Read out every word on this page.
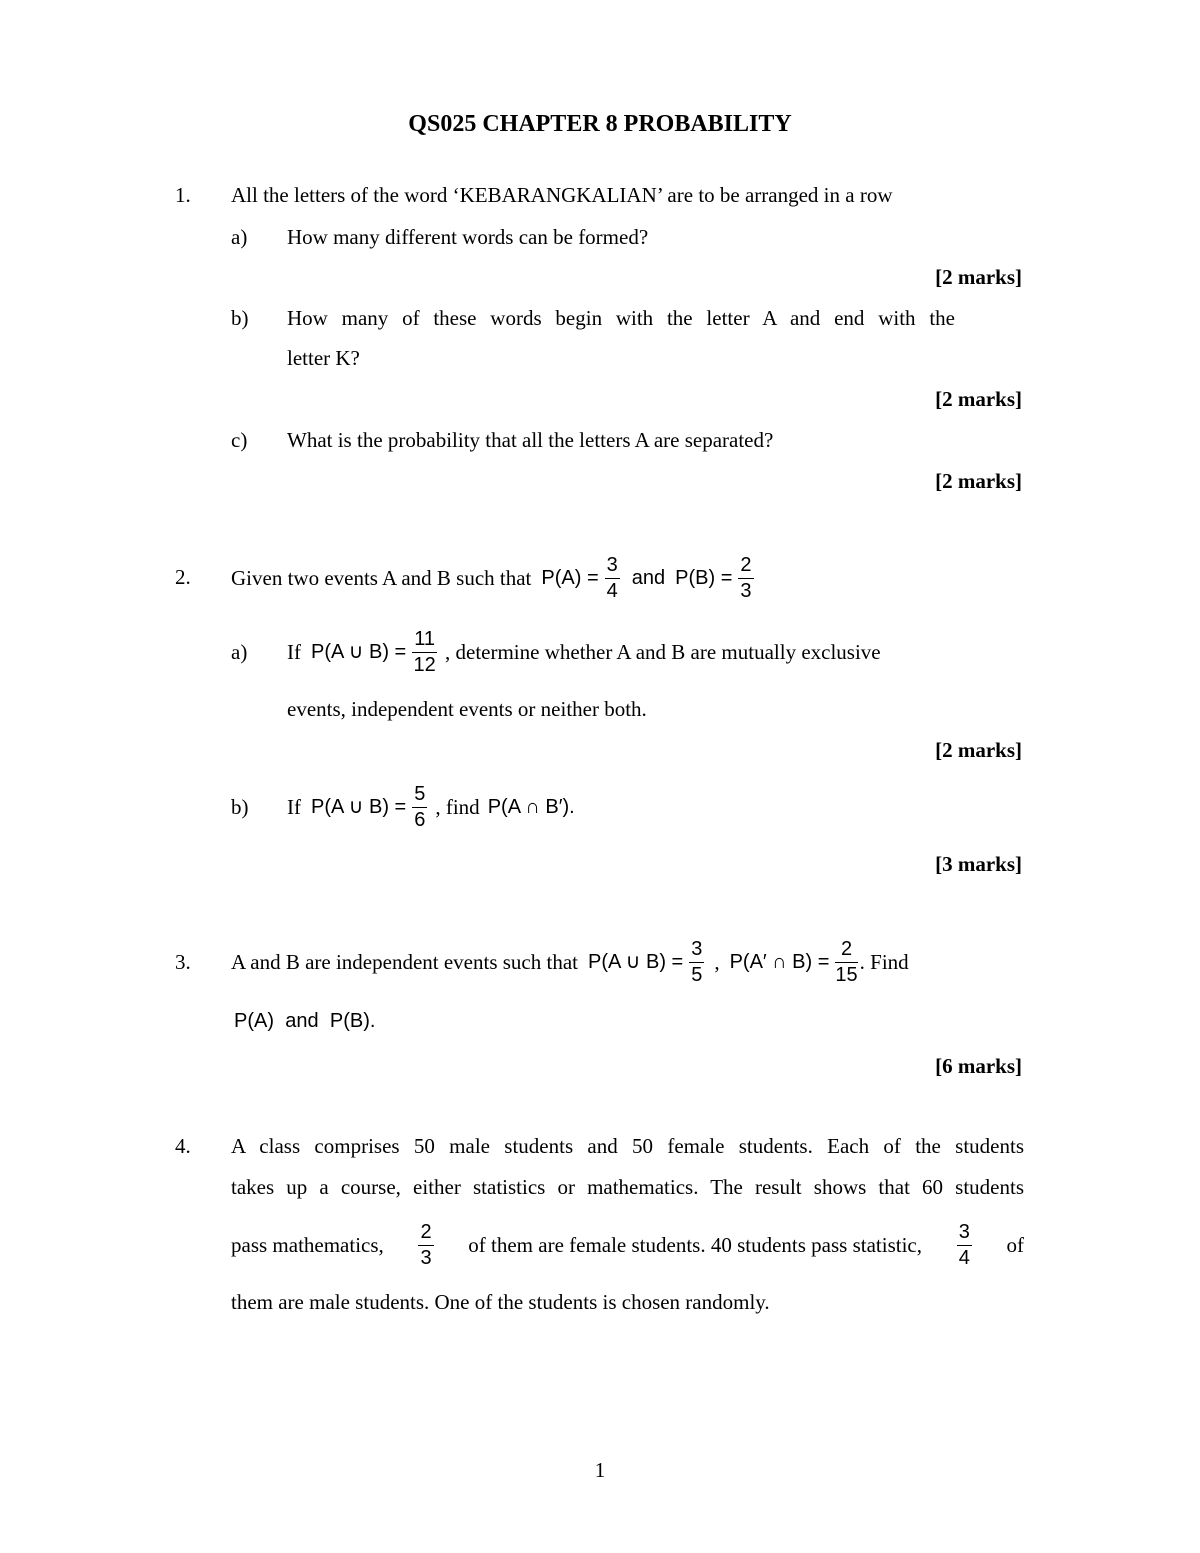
QS025 CHAPTER 8 PROBABILITY
1. All the letters of the word ‘KEBARANGKALIAN’ are to be arranged in a row
a) How many different words can be formed?
[2 marks]
b) How many of these words begin with the letter A and end with the
letter K?
[2 marks]
c) What is the probability that all the letters A are separated?
[2 marks]
2. Given two events A and B such that $P(A) = \frac{3}{4}$ and $P(B) = \frac{2}{3}$
a) If P(A ∪ $B) = \frac{11}{12}$ , determine whether A and B are mutually exclusive
events, independent events or neither both.
[2 marks]
b) If P(A ∪ $B) = \frac{5}{6}$ , find P(A ∩ B′).
[3 marks]
3. A and B are independent events such that P(A ∪ $B) = \frac{3}{5}$ , P(A′ ∩ $B) = \frac{2}{15}$ . Find
P(A) and P(B).
[6 marks]
4. A class comprises 50 male students and 50 female students. Each of the students
takes up a course, either statistics or mathematics. The result shows that 60 students
pass mathematics, $\frac{2}{3}$ of them are female students. 40 students pass statistic, $\frac{3}{4}$ of
them are male students. One of the students is chosen randomly.
1
